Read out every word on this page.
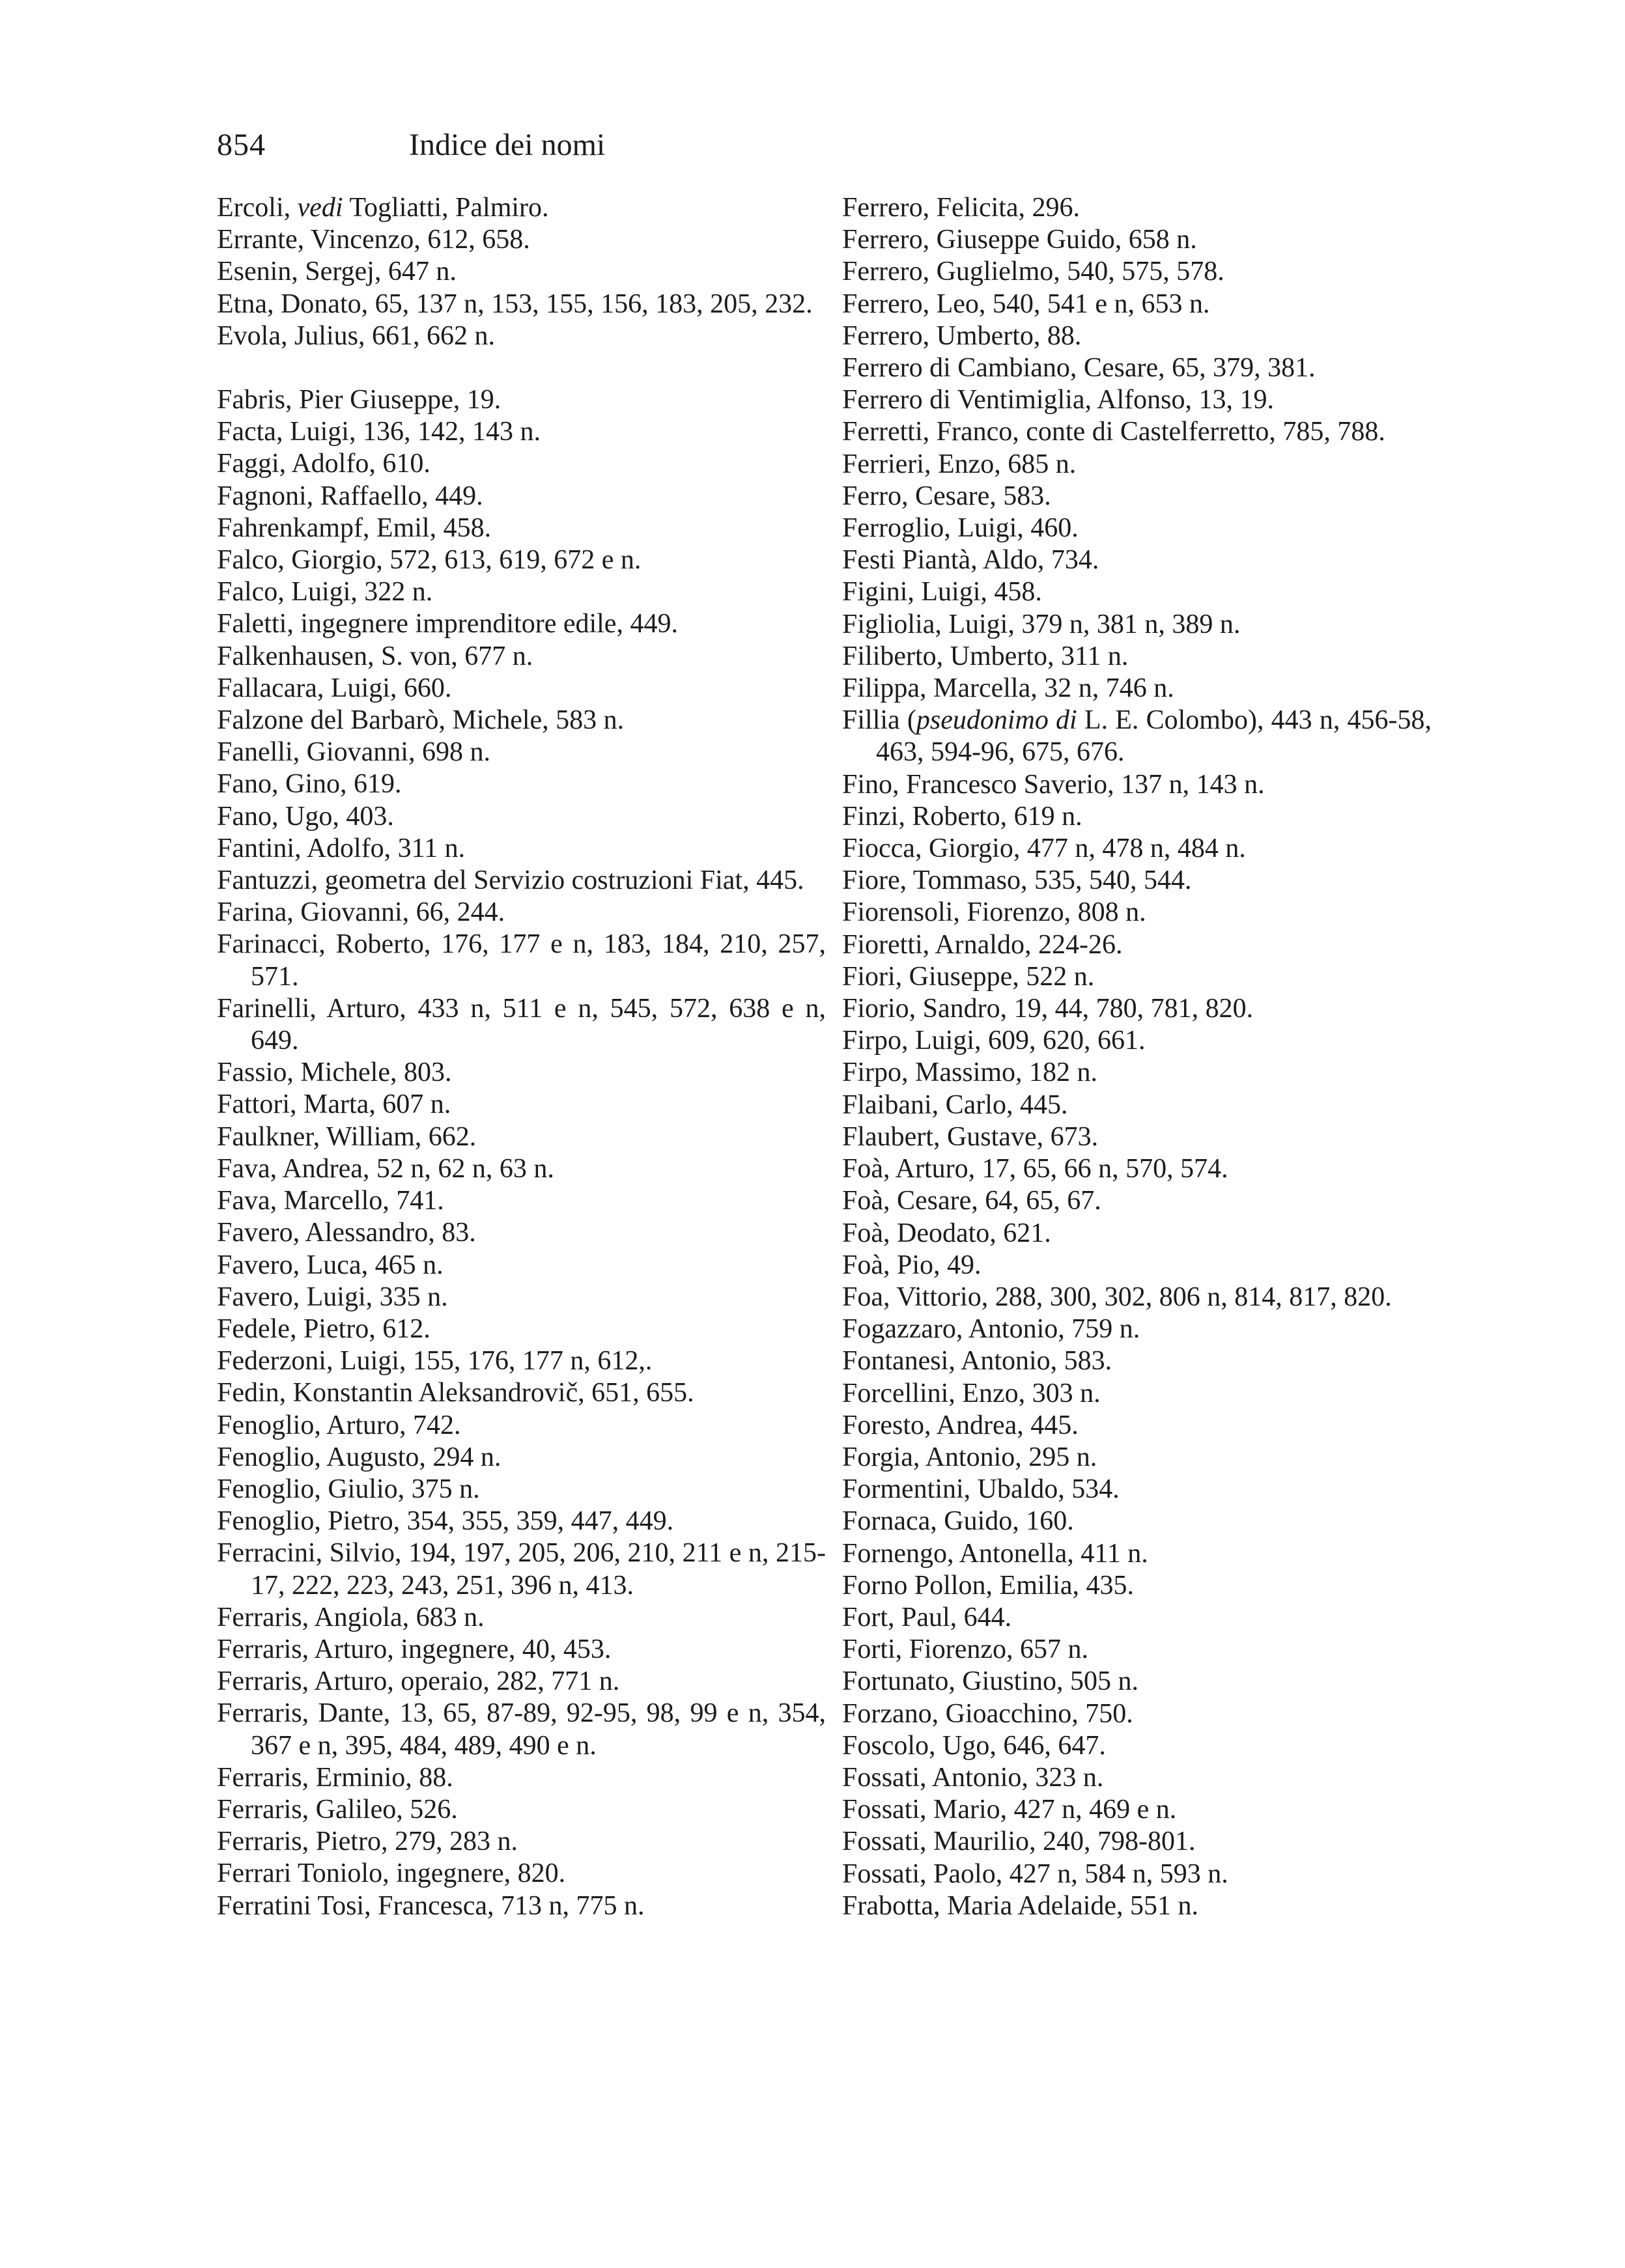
854	Indice dei nomi
Ercoli, vedi Togliatti, Palmiro.
Errante, Vincenzo, 612, 658.
Esenin, Sergej, 647 n.
Etna, Donato, 65, 137 n, 153, 155, 156, 183, 205, 232.
Evola, Julius, 661, 662 n.
Fabris, Pier Giuseppe, 19.
Facta, Luigi, 136, 142, 143 n.
Faggi, Adolfo, 610.
Fagnoni, Raffaello, 449.
Fahrenkampf, Emil, 458.
Falco, Giorgio, 572, 613, 619, 672 e n.
Falco, Luigi, 322 n.
Faletti, ingegnere imprenditore edile, 449.
Falkenhausen, S. von, 677 n.
Fallacara, Luigi, 660.
Falzone del Barbarò, Michele, 583 n.
Fanelli, Giovanni, 698 n.
Fano, Gino, 619.
Fano, Ugo, 403.
Fantini, Adolfo, 311 n.
Fantuzzi, geometra del Servizio costruzioni Fiat, 445.
Farina, Giovanni, 66, 244.
Farinacci, Roberto, 176, 177 e n, 183, 184, 210, 257, 571.
Farinelli, Arturo, 433 n, 511 e n, 545, 572, 638 e n, 649.
Fassio, Michele, 803.
Fattori, Marta, 607 n.
Faulkner, William, 662.
Fava, Andrea, 52 n, 62 n, 63 n.
Fava, Marcello, 741.
Favero, Alessandro, 83.
Favero, Luca, 465 n.
Favero, Luigi, 335 n.
Fedele, Pietro, 612.
Federzoni, Luigi, 155, 176, 177 n, 612,.
Fedin, Konstantin Aleksandrovič, 651, 655.
Fenoglio, Arturo, 742.
Fenoglio, Augusto, 294 n.
Fenoglio, Giulio, 375 n.
Fenoglio, Pietro, 354, 355, 359, 447, 449.
Ferracini, Silvio, 194, 197, 205, 206, 210, 211 e n, 215-17, 222, 223, 243, 251, 396 n, 413.
Ferraris, Angiola, 683 n.
Ferraris, Arturo, ingegnere, 40, 453.
Ferraris, Arturo, operaio, 282, 771 n.
Ferraris, Dante, 13, 65, 87-89, 92-95, 98, 99 e n, 354, 367 e n, 395, 484, 489, 490 e n.
Ferraris, Erminio, 88.
Ferraris, Galileo, 526.
Ferraris, Pietro, 279, 283 n.
Ferrari Toniolo, ingegnere, 820.
Ferratini Tosi, Francesca, 713 n, 775 n.
Ferrero, Felicita, 296.
Ferrero, Giuseppe Guido, 658 n.
Ferrero, Guglielmo, 540, 575, 578.
Ferrero, Leo, 540, 541 e n, 653 n.
Ferrero, Umberto, 88.
Ferrero di Cambiano, Cesare, 65, 379, 381.
Ferrero di Ventimiglia, Alfonso, 13, 19.
Ferretti, Franco, conte di Castelferretto, 785, 788.
Ferrieri, Enzo, 685 n.
Ferro, Cesare, 583.
Ferroglio, Luigi, 460.
Festi Piantà, Aldo, 734.
Figini, Luigi, 458.
Figliolia, Luigi, 379 n, 381 n, 389 n.
Filiberto, Umberto, 311 n.
Filippa, Marcella, 32 n, 746 n.
Fillia (pseudonimo di L. E. Colombo), 443 n, 456-58, 463, 594-96, 675, 676.
Fino, Francesco Saverio, 137 n, 143 n.
Finzi, Roberto, 619 n.
Fiocca, Giorgio, 477 n, 478 n, 484 n.
Fiore, Tommaso, 535, 540, 544.
Fiorensoli, Fiorenzo, 808 n.
Fioretti, Arnaldo, 224-26.
Fiori, Giuseppe, 522 n.
Fiorio, Sandro, 19, 44, 780, 781, 820.
Firpo, Luigi, 609, 620, 661.
Firpo, Massimo, 182 n.
Flaibani, Carlo, 445.
Flaubert, Gustave, 673.
Foà, Arturo, 17, 65, 66 n, 570, 574.
Foà, Cesare, 64, 65, 67.
Foà, Deodato, 621.
Foà, Pio, 49.
Foa, Vittorio, 288, 300, 302, 806 n, 814, 817, 820.
Fogazzaro, Antonio, 759 n.
Fontanesi, Antonio, 583.
Forcellini, Enzo, 303 n.
Foresto, Andrea, 445.
Forgia, Antonio, 295 n.
Formentini, Ubaldo, 534.
Fornaca, Guido, 160.
Fornengo, Antonella, 411 n.
Forno Pollon, Emilia, 435.
Fort, Paul, 644.
Forti, Fiorenzo, 657 n.
Fortunato, Giustino, 505 n.
Forzano, Gioacchino, 750.
Foscolo, Ugo, 646, 647.
Fossati, Antonio, 323 n.
Fossati, Mario, 427 n, 469 e n.
Fossati, Maurilio, 240, 798-801.
Fossati, Paolo, 427 n, 584 n, 593 n.
Frabotta, Maria Adelaide, 551 n.
